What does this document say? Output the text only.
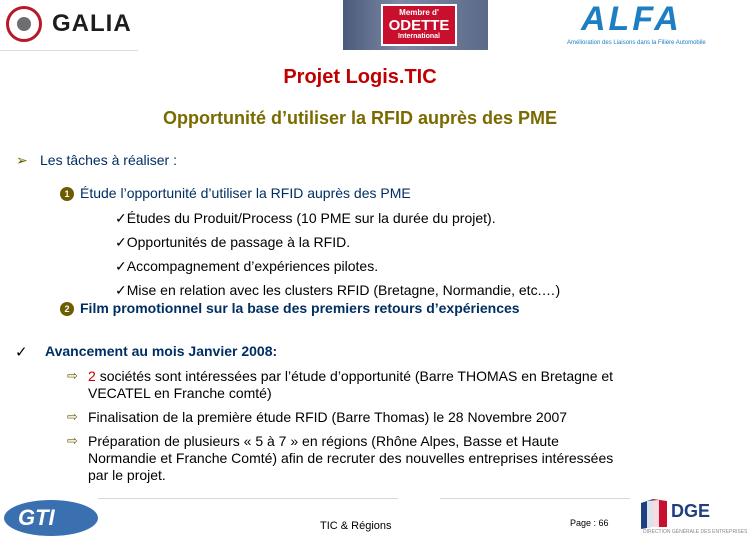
GALIA	Membre d'
ODETTE
International	ALFA
Amélioration des Liaisons dans la Filière Automobile
Projet Logis.TIC
Opportunité d’utiliser la RFID auprès des PME
➢ Les tâches à réaliser :
1 Étude l’opportunité d’utiliser la RFID auprès des PME
✓Études du Produit/Process (10 PME sur la durée du projet).
✓Opportunités de passage à la RFID.
✓Accompagnement d’expériences pilotes.
✓Mise en relation avec les clusters RFID (Bretagne, Normandie, etc.…)
2 Film promotionnel sur la base des premiers retours d’expériences
✓ Avancement au mois Janvier 2008:
⇨ 2 sociétés sont intéressées par l’étude d’opportunité (Barre THOMAS en Bretagne et
VECATEL en Franche comté)
⇨ Finalisation de la première étude RFID (Barre Thomas) le 28 Novembre 2007
⇨ Préparation de plusieurs « 5 à 7 » en régions (Rhône Alpes, Basse et Haute
Normandie et Franche Comté) afin de recruter des nouvelles entreprises intéressées
par le projet.
GTI	TIC & Régions	Page : 66
DGE
DIRECTION GÉNÉRALE DES ENTREPRISES
